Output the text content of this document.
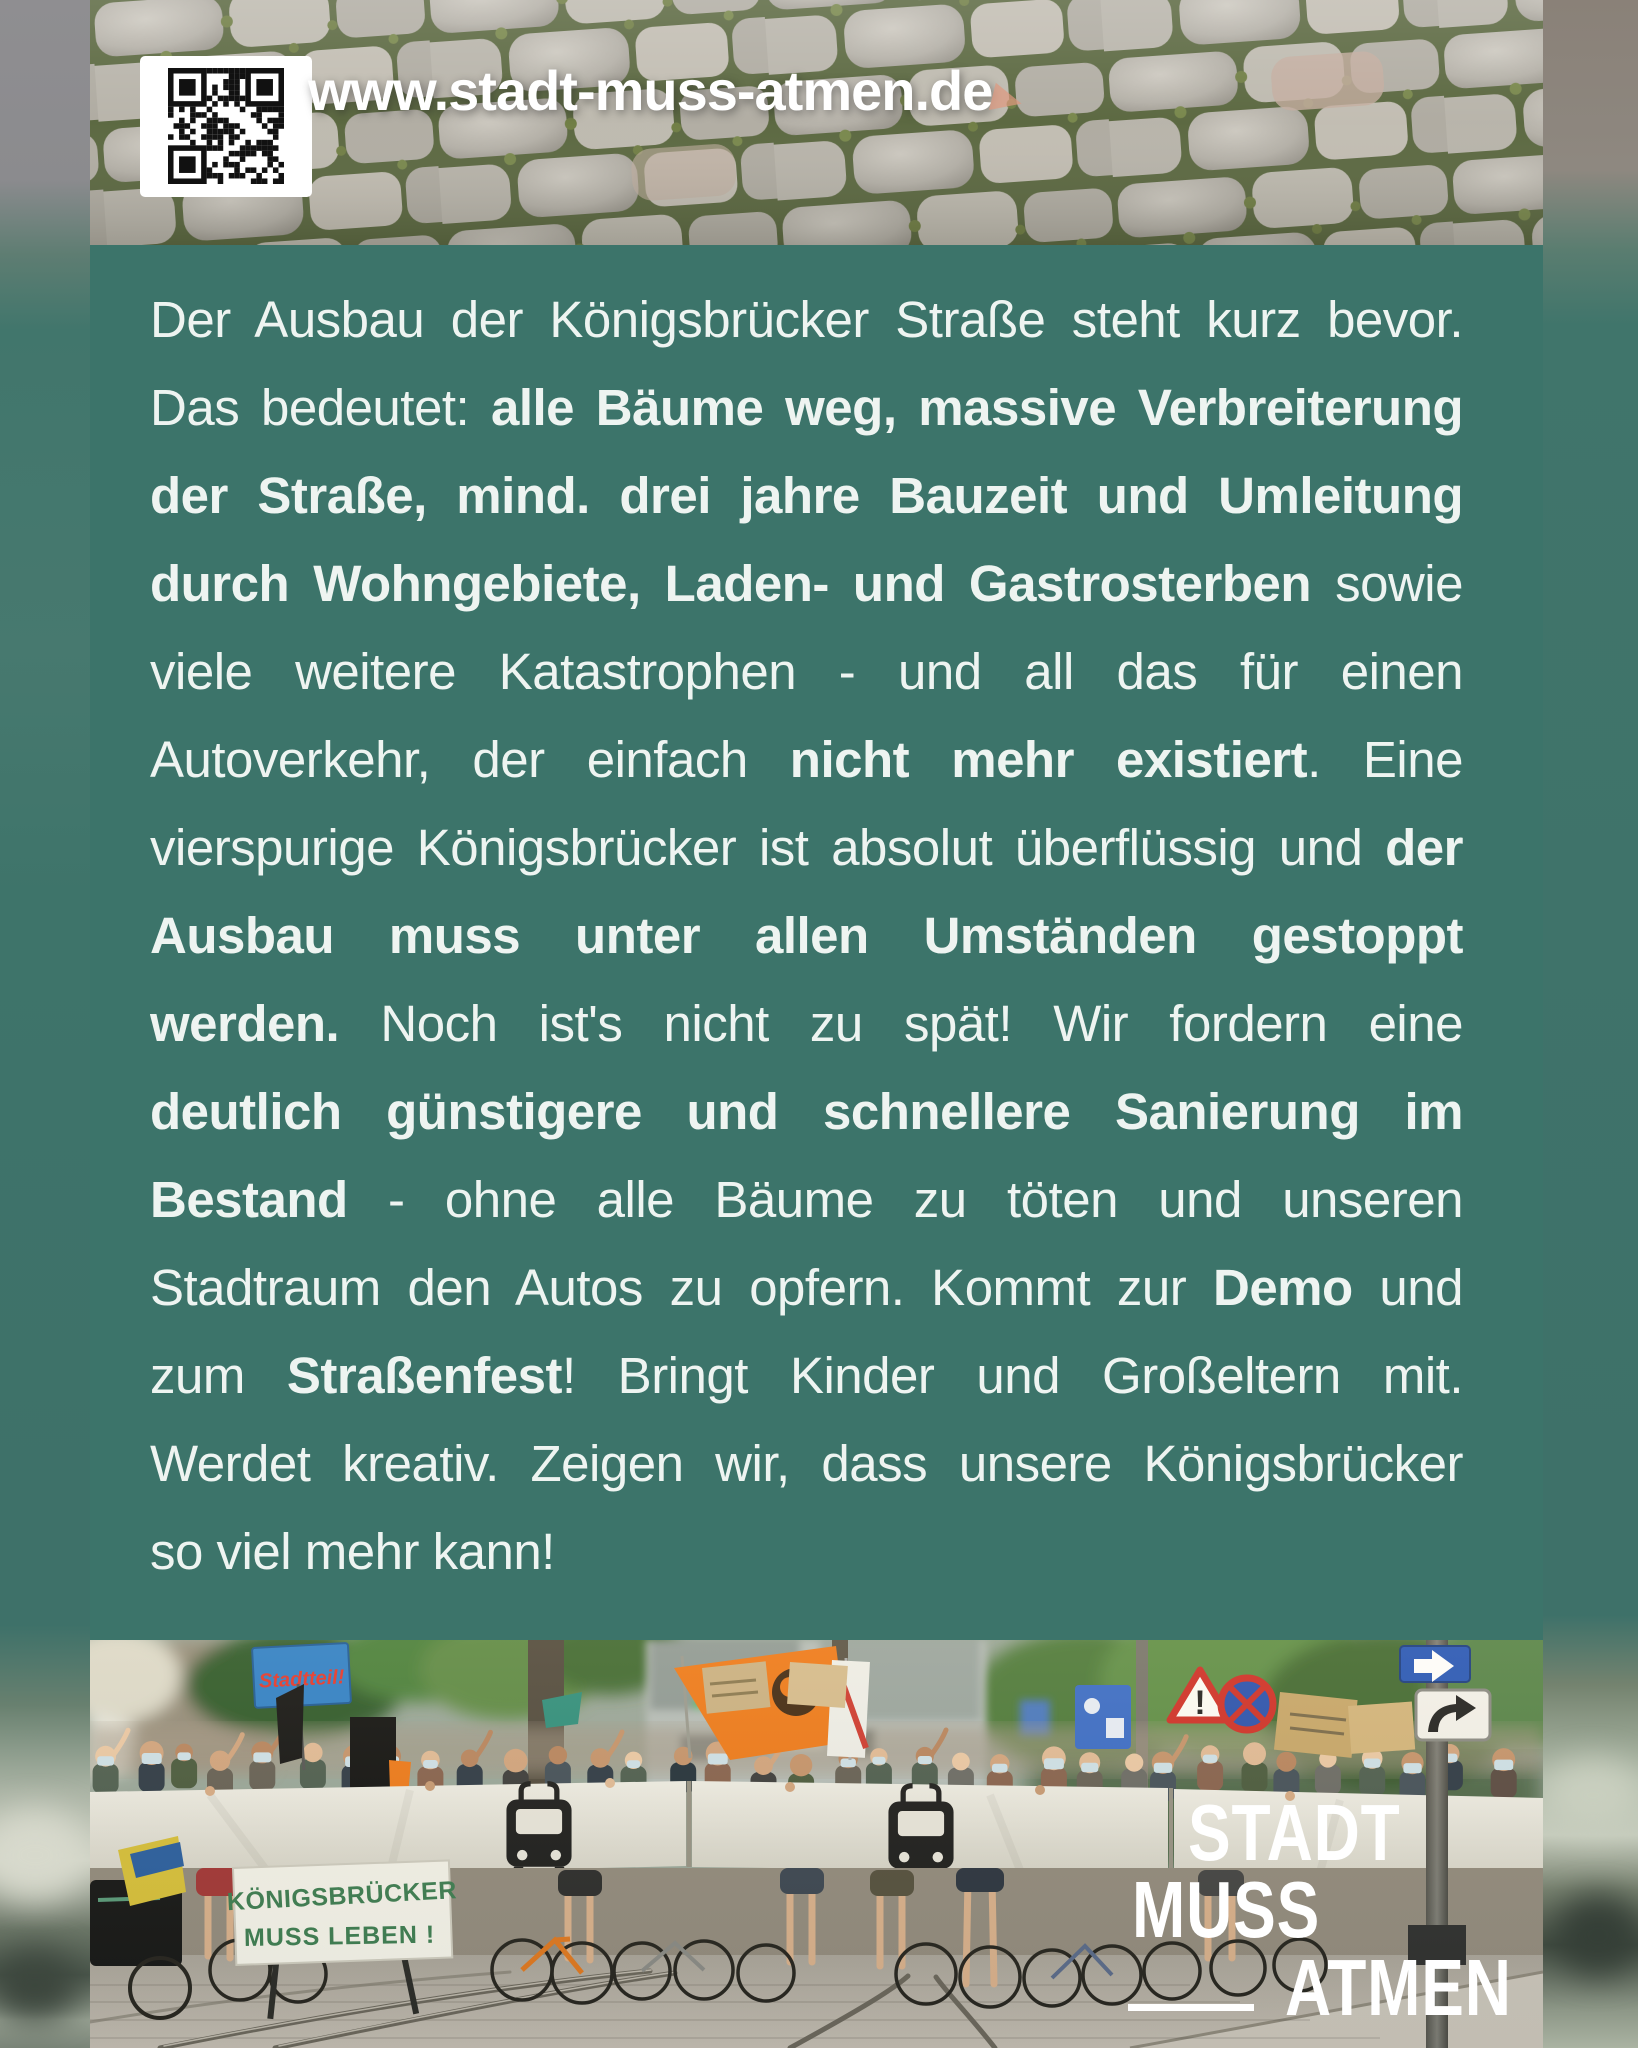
www.stadt-muss-atmen.de
Der Ausbau der Königsbrücker Straße steht kurz bevor.
Das bedeutet: alle Bäume weg, massive Verbreiterung
der Straße, mind. drei jahre Bauzeit und Umleitung
durch Wohngebiete, Laden- und Gastrosterben sowie
viele weitere Katastrophen - und all das für einen
Autoverkehr, der einfach nicht mehr existiert. Eine
vierspurige Königsbrücker ist absolut überflüssig und der
Ausbau muss unter allen Umständen gestoppt
werden. Noch ist's nicht zu spät! Wir fordern eine
deutlich günstigere und schnellere Sanierung im
Bestand - ohne alle Bäume zu töten und unseren
Stadtraum den Autos zu opfern. Kommt zur Demo und
zum Straßenfest! Bringt Kinder und Großeltern mit.
Werdet kreativ. Zeigen wir, dass unsere Königsbrücker
so viel mehr kann!
STADT
MUSS
ATMEN
